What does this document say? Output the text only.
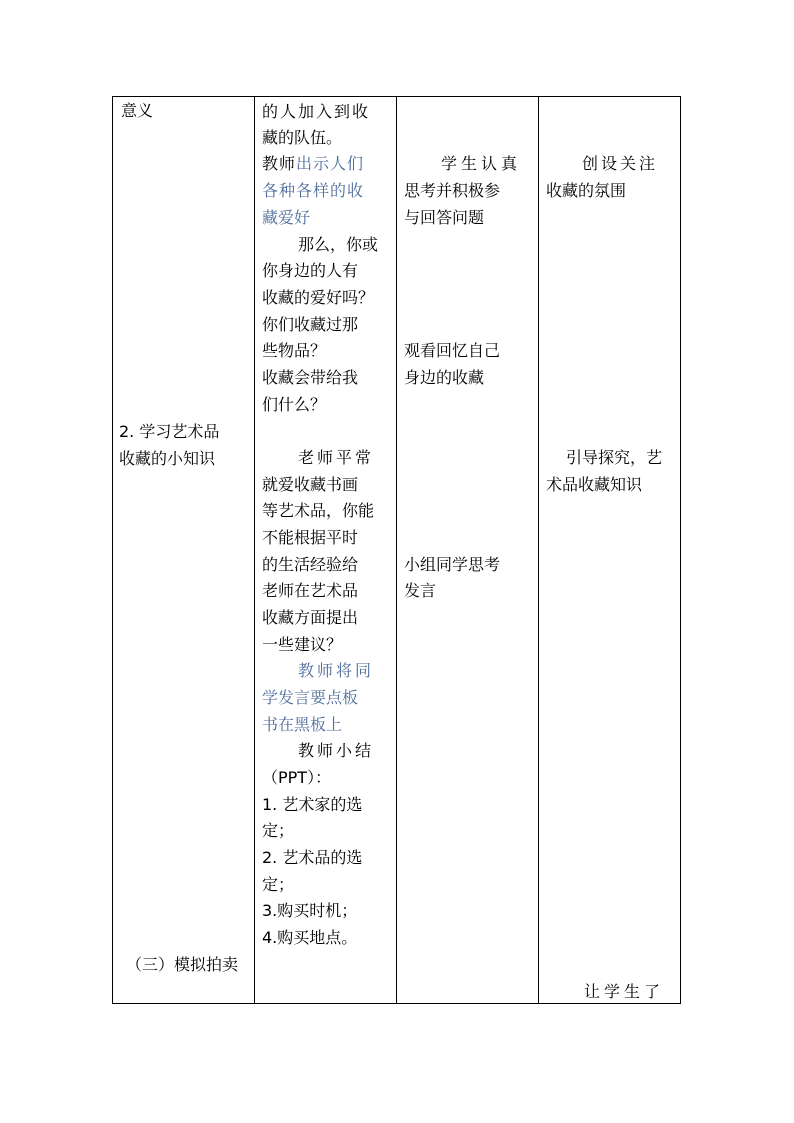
意义
2. 学习艺术品
收藏的小知识
（三）模拟拍卖
的人加入到收
藏的队伍。
教师出示人们
各种各样的收
藏爱好
那么，你或
你身边的人有
收藏的爱好吗？
你们收藏过那
些物品？
收藏会带给我
们什么？
老师平常
就爱收藏书画
等艺术品，你能
不能根据平时
的生活经验给
老师在艺术品
收藏方面提出
一些建议？
教师将同
学发言要点板
书在黑板上
教师小结
（PPT）：
1. 艺术家的选
定；
2. 艺术品的选
定；
3.购买时机；
4.购买地点。
学生认真
思考并积极参
与回答问题
观看回忆自己
身边的收藏
小组同学思考
发言
创设关注
收藏的氛围
引导探究，艺
术品收藏知识
让学生了
